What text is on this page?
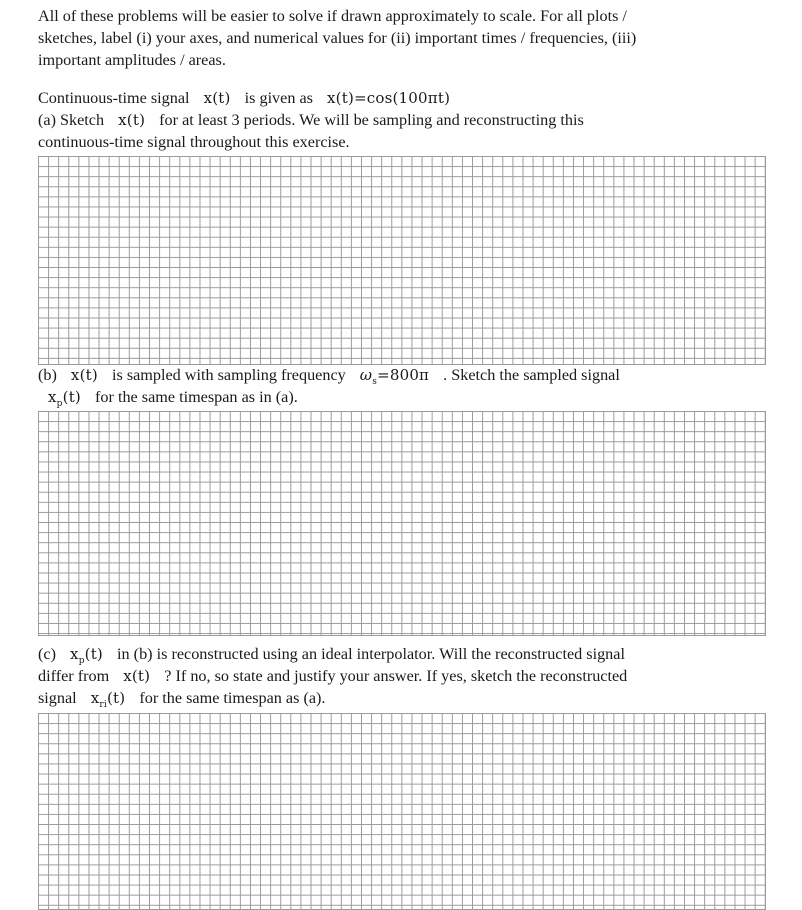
All of these problems will be easier to solve if drawn approximately to scale. For all plots /
sketches, label (i) your axes, and numerical values for (ii) important times / frequencies, (iii)
important amplitudes / areas.

Continuous-time signal x(t) is given as x(t)=cos(100πt)
(a) Sketch x(t) for at least 3 periods. We will be sampling and reconstructing this
continuous-time signal throughout this exercise.

(b) x(t) is sampled with sampling frequency $\omega_s=800\pi$ . Sketch the sampled signal
$x_p(t)$ for the same timespan as in (a).

(c) $x_p(t)$ in (b) is reconstructed using an ideal interpolator. Will the reconstructed signal
differ from x(t) ? If no, so state and justify your answer. If yes, sketch the reconstructed
signal $x_{ri}(t)$ for the same timespan as (a).
